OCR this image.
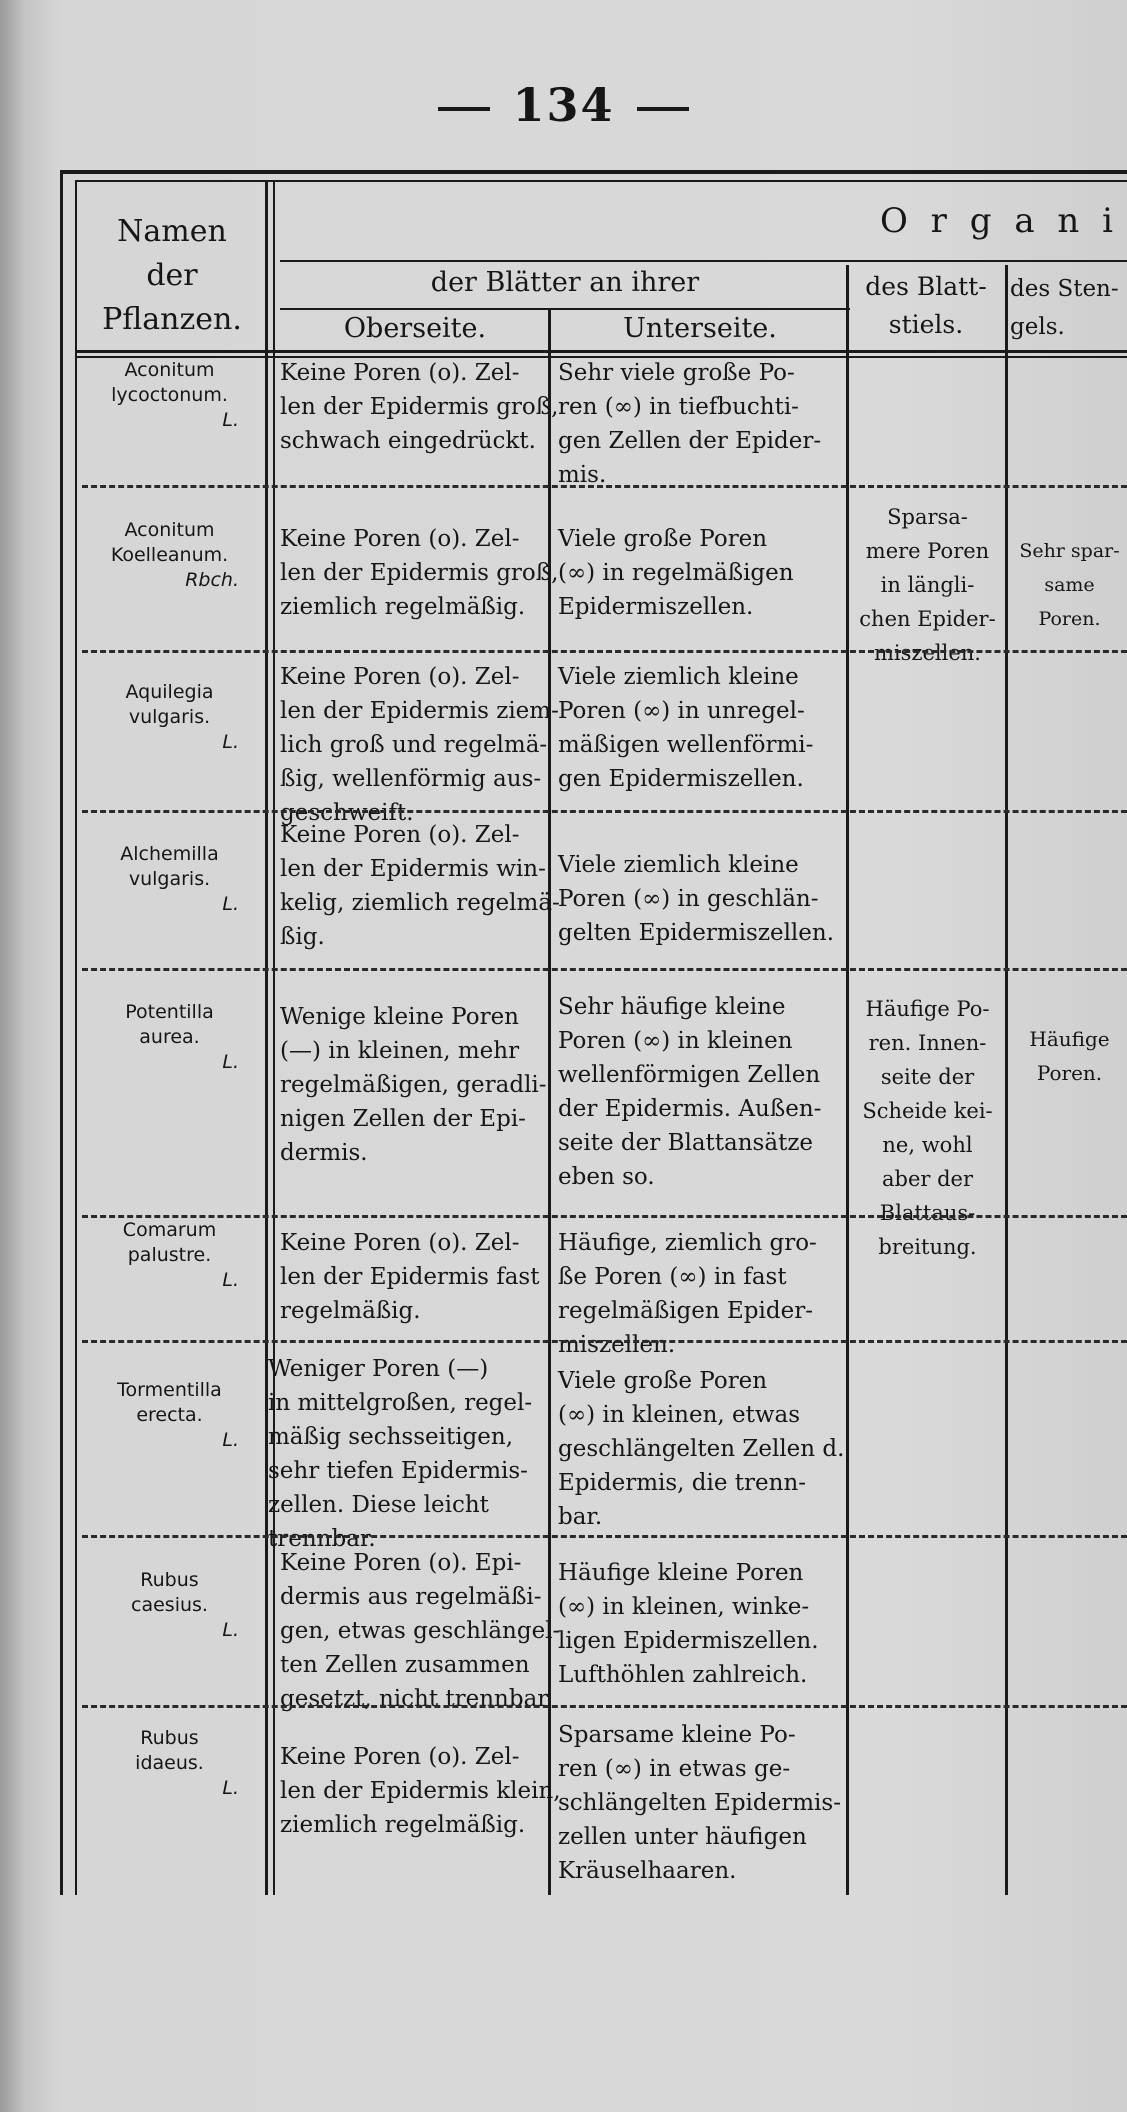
134
Namen
der
Pflanzen.
O r g a n i
der Blätter an ihrer
Oberseite.	Unterseite.
des Blatt-
stiels.
des Sten-
gels.
Aconitum
lycoctonum.
L.
Keine Poren (o). Zel-
len der Epidermis groß,
schwach eingedrückt.
Sehr viele große Po-
ren (∞) in tiefbuchti-
gen Zellen der Epider-
mis.
Aconitum
Koelleanum.
Rbch.
Keine Poren (o). Zel-
len der Epidermis groß,
ziemlich regelmäßig.
Viele große Poren
(∞) in regelmäßigen
Epidermiszellen.
Sparsa-
mere Poren
in längli-
chen Epider-
miszellen.
Sehr spar-
same Poren.
Aquilegia
vulgaris.
L.
Keine Poren (o). Zel-
len der Epidermis ziem-
lich groß und regelmä-
ßig, wellenförmig aus-
geschweift.
Viele ziemlich kleine
Poren (∞) in unregel-
mäßigen wellenförmi-
gen Epidermiszellen.
Alchemilla
vulgaris.
L.
Keine Poren (o). Zel-
len der Epidermis win-
kelig, ziemlich regelmä-
ßig.
Viele ziemlich kleine
Poren (∞) in geschlän-
gelten Epidermiszellen.
Potentilla
aurea.
L.
Wenige kleine Poren
(—) in kleinen, mehr
regelmäßigen, geradli-
nigen Zellen der Epi-
dermis.
Sehr häufige kleine
Poren (∞) in kleinen
wellenförmigen Zellen
der Epidermis. Außen-
seite der Blattansätze
eben so.
Häufige Po-
ren. Innen-
seite der
Scheide kei-
ne, wohl
aber der
Blattaus-
breitung.
Häufige
Poren.
Comarum
palustre.
L.
Keine Poren (o). Zel-
len der Epidermis fast
regelmäßig.
Häufige, ziemlich gro-
ße Poren (∞) in fast
regelmäßigen Epider-
miszellen.
Tormentilla
erecta.
L.
Weniger Poren (—)
in mittelgroßen, regel-
mäßig sechsseitigen,
sehr tiefen Epidermis-
zellen. Diese leicht
trennbar.
Viele große Poren
(∞) in kleinen, etwas
geschlängelten Zellen d.
Epidermis, die trenn-
bar.
Rubus
caesius.
L.
Keine Poren (o). Epi-
dermis aus regelmäßi-
gen, etwas geschlängel-
ten Zellen zusammen
gesetzt, nicht trennbar.
Häufige kleine Poren
(∞) in kleinen, winke-
ligen Epidermiszellen.
Lufthöhlen zahlreich.
Rubus
idaeus.
L.
Keine Poren (o). Zel-
len der Epidermis klein,
ziemlich regelmäßig.
Sparsame kleine Po-
ren (∞) in etwas ge-
schlängelten Epidermis-
zellen unter häufigen
Kräuselhaaren.
